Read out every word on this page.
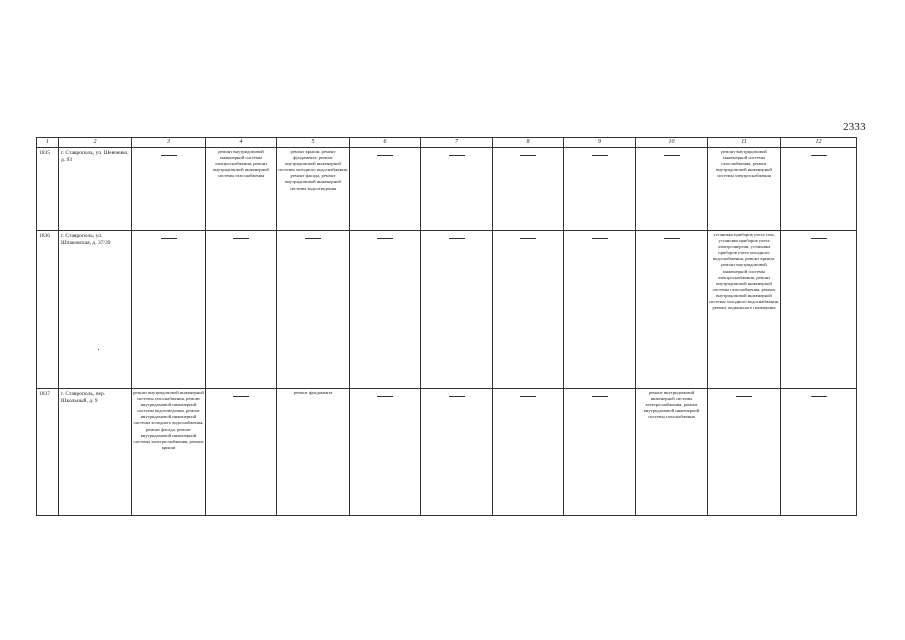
2333
1	2	3	4	5	6	7	8	9	10	11	12
1835	г. Ставрополь, ул. Шевченко, д. 93		ремонт внутридомовой инженерной системы электроснабжения, ремонт внутридомовой инженерной системы газоснабжения	ремонт крыши, ремонт фундамента, ремонт внутридомовой инженерной системы холодного водоснабжения, ремонт фасада, ремонт внутридомовой инженерной системы водоотведения						ремонт внутридомовой инженерной системы газоснабжения, ремонт внутридомовой инженерной системы электроснабжения	

1836	г. Ставрополь, ул. Шпаковская, д. 37/39									установка приборов учета газа, установка приборов учета электроэнергии, установка приборов учета холодного водоснабжения, ремонт крыши, ремонт внутридомовой инженерной системы электроснабжения, ремонт внутридомовой инженерной системы газоснабжения, ремонт внутридомовой инженерной системы холодного водоснабжения, ремонт подвального помещения	

1837	г. Ставрополь, пер. Школьный, д. 9	ремонт внутридомовой инженерной системы газоснабжения, ремонт внутридомовой инженерной системы водоотведения, ремонт внутридомовой инженерной системы холодного водоснабжения, ремонт фасада, ремонт внутридомовой инженерной системы электроснабжения, ремонт крыши		ремонт фундамента					ремонт внутридомовой инженерной системы электроснабжения, ремонт внутридомовой инженерной системы газоснабжения	
